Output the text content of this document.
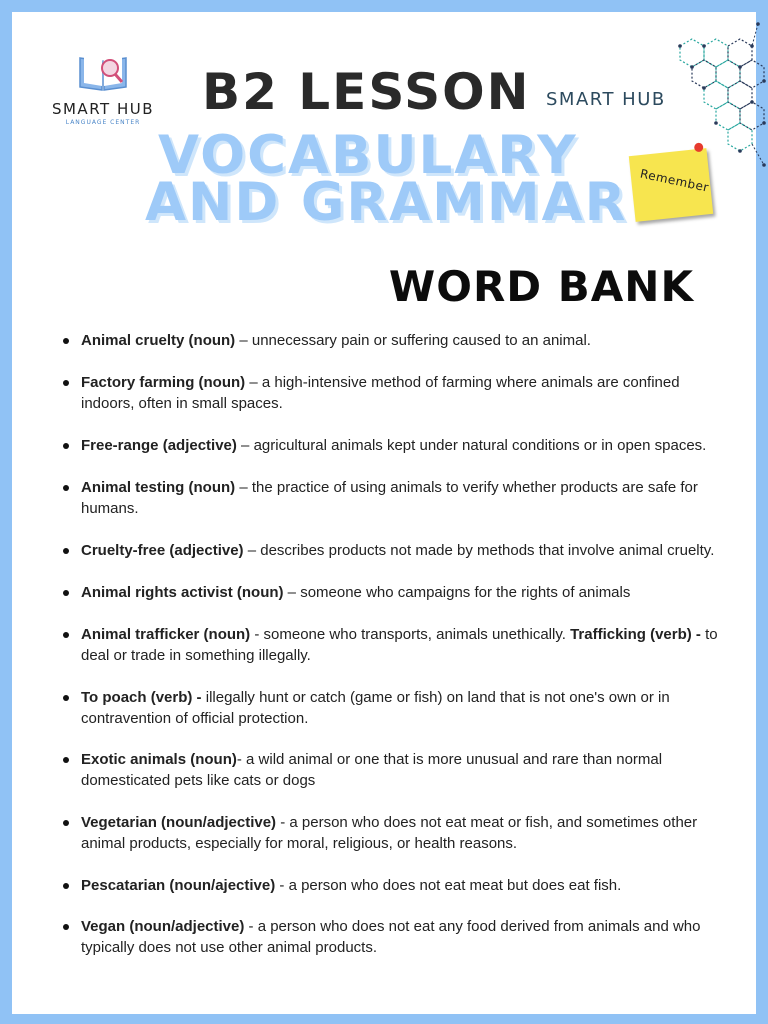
SMART HUB
LANGUAGE CENTER
B2 LESSON SMART HUB
VOCABULARY
AND GRAMMAR Remember
WORD BANK
Animal cruelty (noun) – unnecessary pain or suffering caused to an animal.
Factory farming (noun) – a high-intensive method of farming where animals are confined indoors, often in small spaces.
Free-range (adjective) – agricultural animals kept under natural conditions or in open spaces.
Animal testing (noun) – the practice of using animals to verify whether products are safe for humans.
Cruelty-free (adjective) – describes products not made by methods that involve animal cruelty.
Animal rights activist (noun) – someone who campaigns for the rights of animals
Animal trafficker (noun) - someone who transports, animals unethically. Trafficking (verb) - to deal or trade in something illegally.
To poach (verb) - illegally hunt or catch (game or fish) on land that is not one's own or in contravention of official protection.
Exotic animals (noun)- a wild animal or one that is more unusual and rare than normal domesticated pets like cats or dogs
Vegetarian (noun/adjective) - a person who does not eat meat or fish, and sometimes other animal products, especially for moral, religious, or health reasons.
Pescatarian (noun/ajective) - a person who does not eat meat but does eat fish.
Vegan (noun/adjective) - a person who does not eat any food derived from animals and who typically does not use other animal products.
